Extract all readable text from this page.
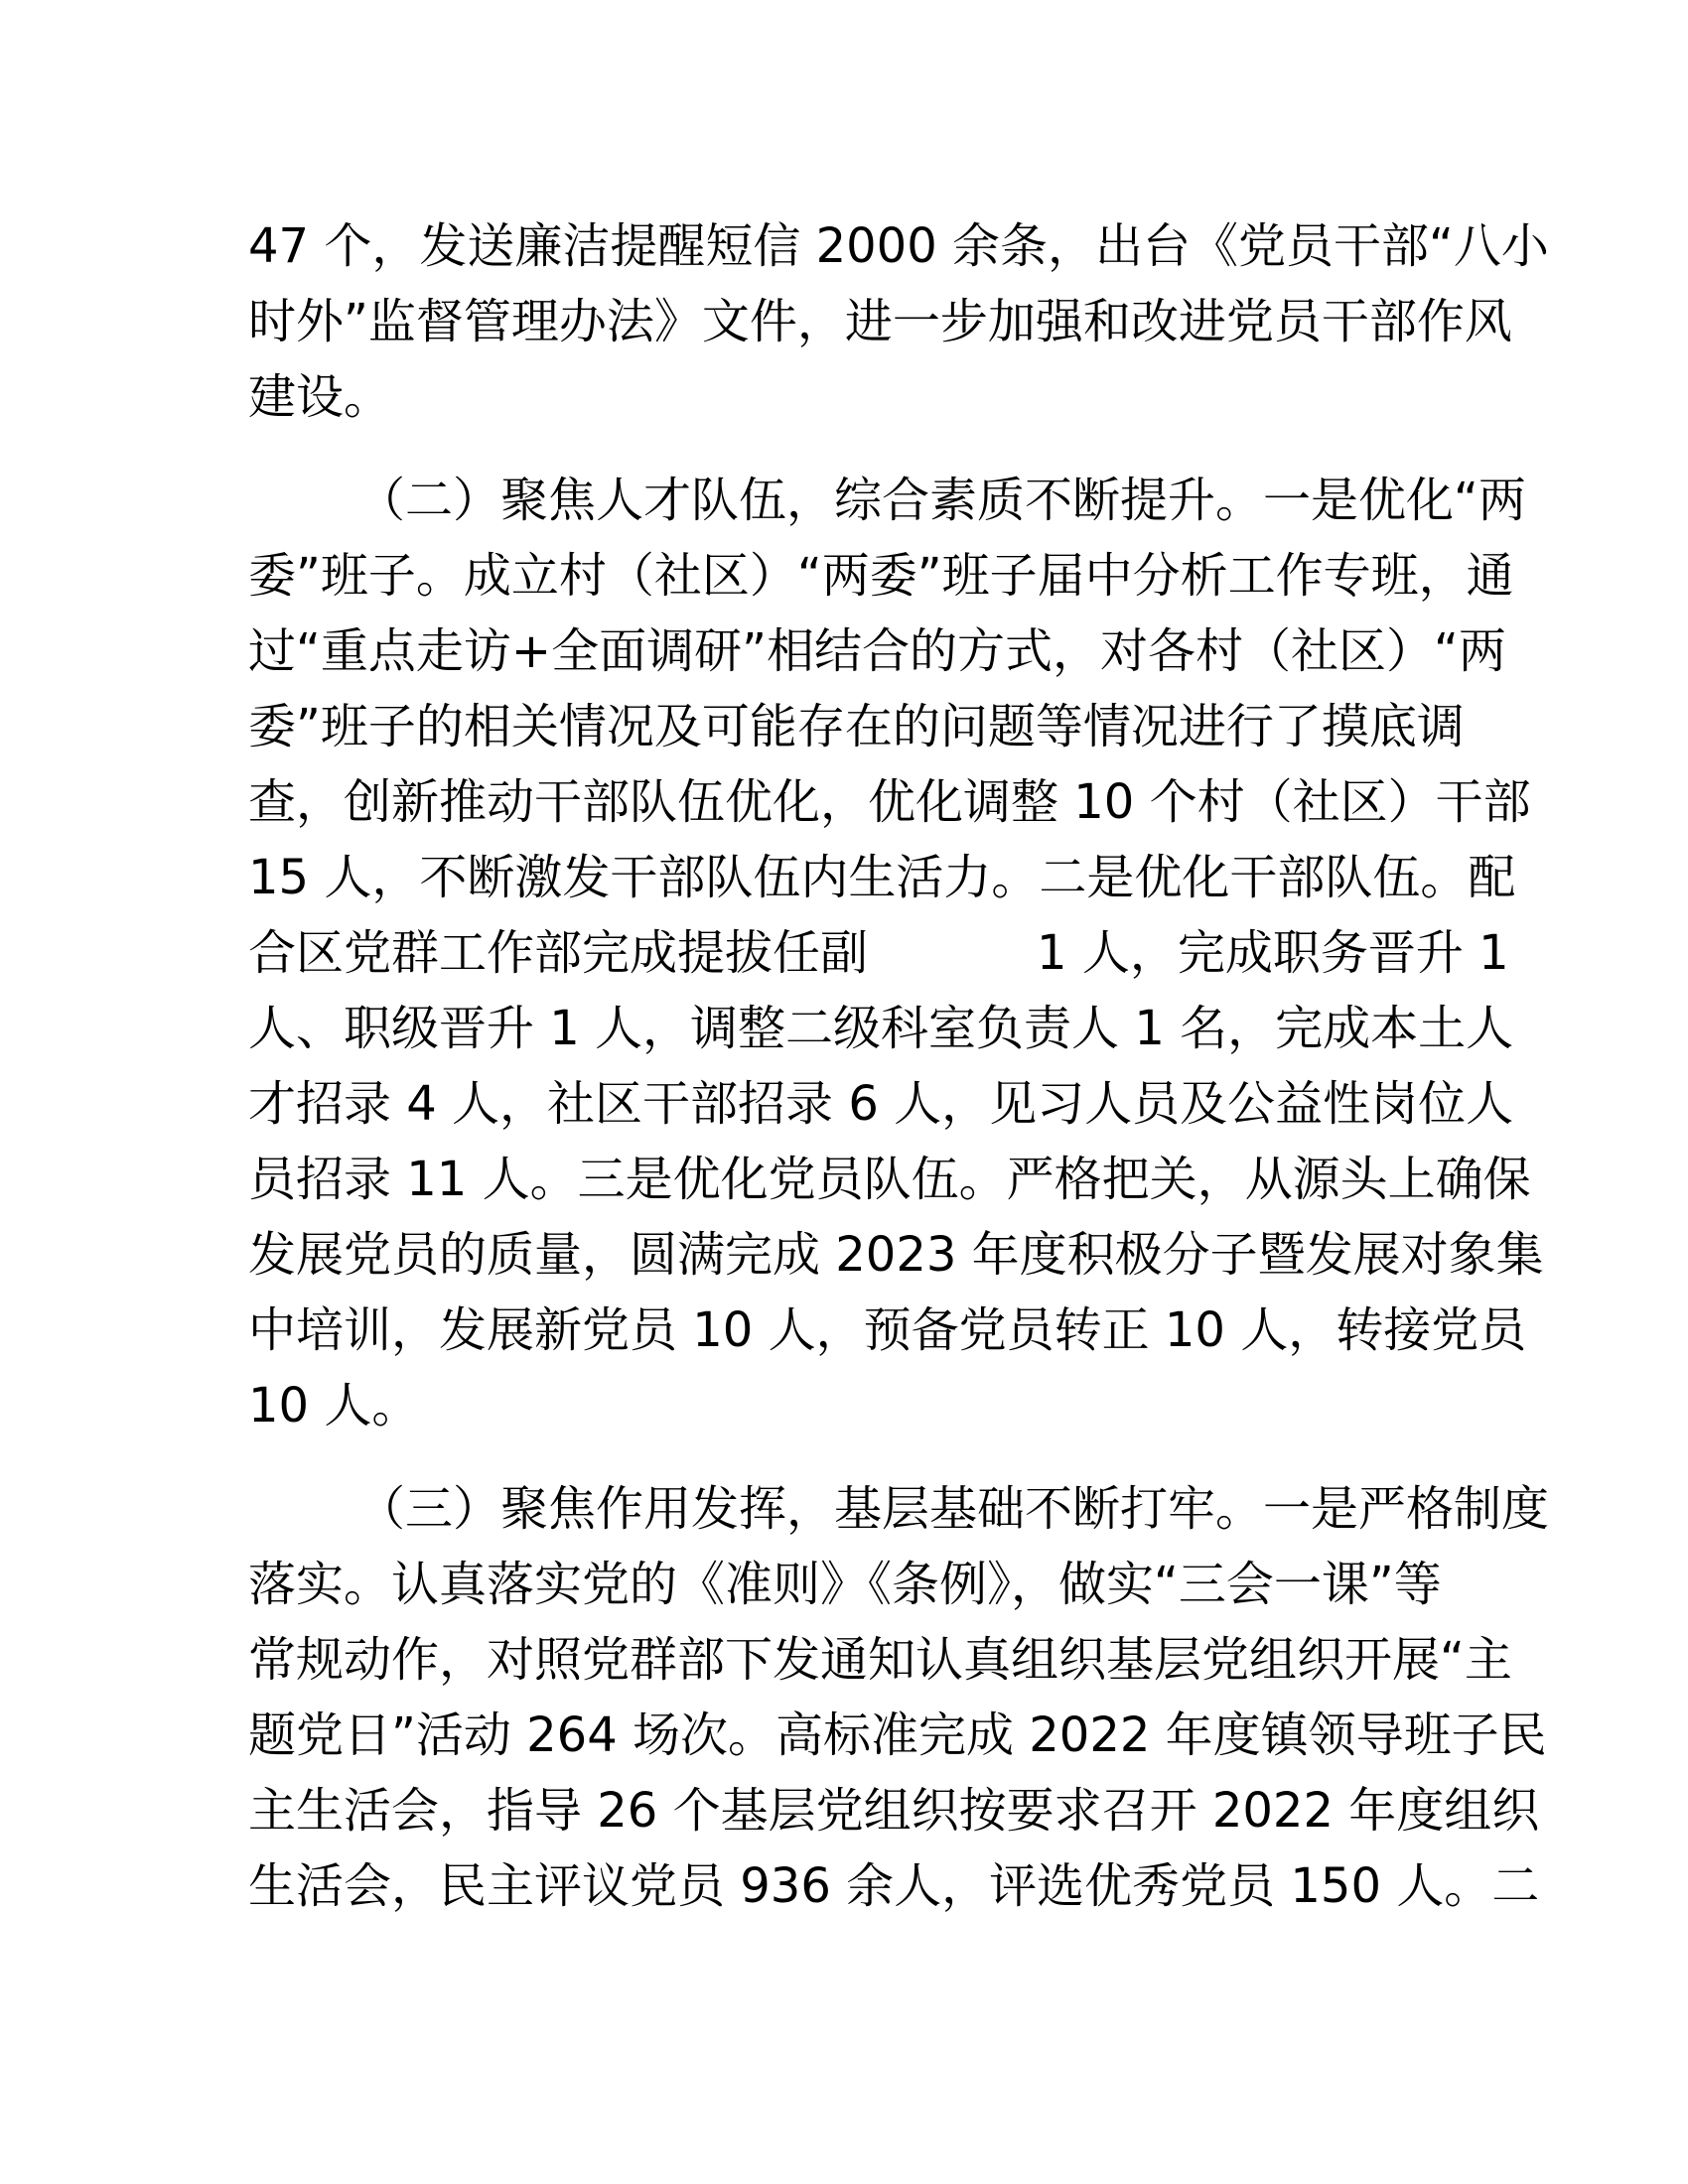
47 个，发送廉洁提醒短信 2000 余条，出台《党员干部“八小
时外”监督管理办法》文件，进一步加强和改进党员干部作风
建设。
（二）聚焦人才队伍，综合素质不断提升。一是优化“两
委”班子。成立村（社区）“两委”班子届中分析工作专班，通
过“重点走访+全面调研”相结合的方式，对各村（社区）“两
委”班子的相关情况及可能存在的问题等情况进行了摸底调
查，创新推动干部队伍优化，优化调整 10 个村（社区）干部
15 人，不断激发干部队伍内生活力。二是优化干部队伍。配
合区党群工作部完成提拔任副	1 人，完成职务晋升 1
人、职级晋升 1 人，调整二级科室负责人 1 名，完成本土人
才招录 4 人，社区干部招录 6 人，见习人员及公益性岗位人
员招录 11 人。三是优化党员队伍。严格把关，从源头上确保
发展党员的质量，圆满完成 2023 年度积极分子暨发展对象集
中培训，发展新党员 10 人，预备党员转正 10 人，转接党员
10 人。
（三）聚焦作用发挥，基层基础不断打牢。一是严格制度
落实。认真落实党的《准则》《条例》，做实“三会一课”等
常规动作，对照党群部下发通知认真组织基层党组织开展“主
题党日”活动 264 场次。高标准完成 2022 年度镇领导班子民
主生活会，指导 26 个基层党组织按要求召开 2022 年度组织
生活会，民主评议党员 936 余人，评选优秀党员 150 人。二
